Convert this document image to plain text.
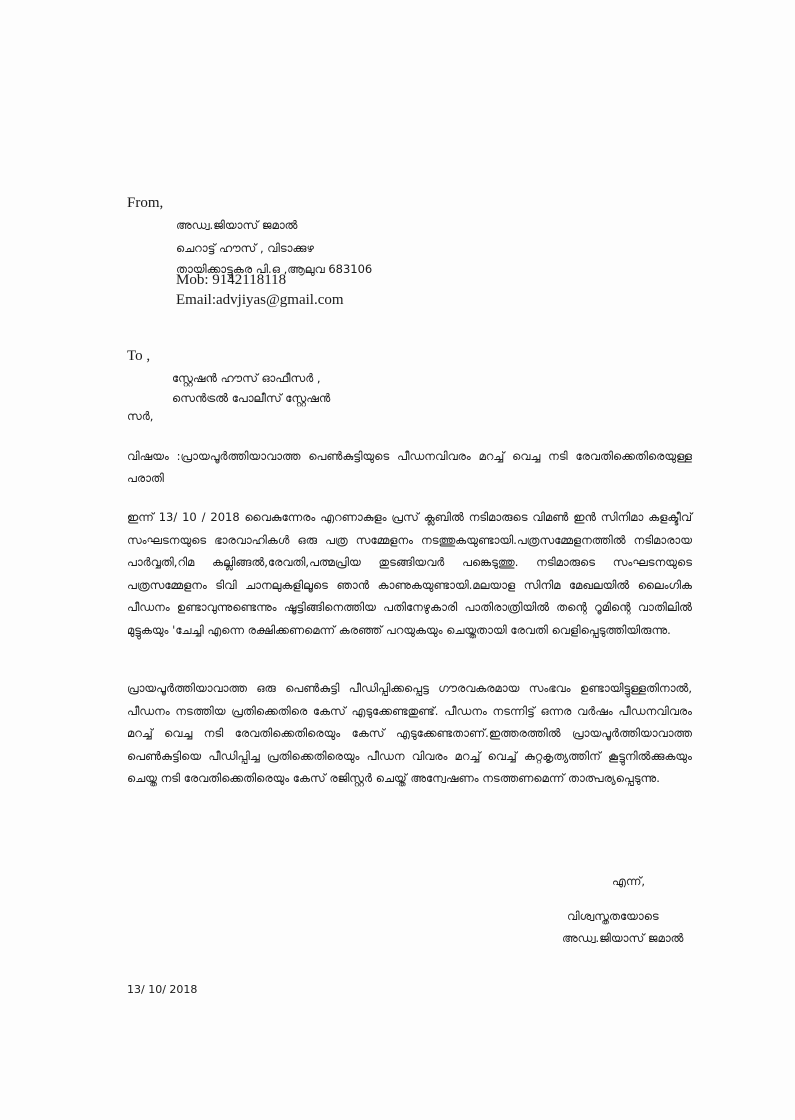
From,
അഡ്വ.ജിയാസ് ജമാൽ
ചെറാട്ട് ഹൗസ് , വിടാക്കുഴ
തായിക്കാട്ടുകര പി.ഒ ,ആലുവ 683106
Mob: 9142118118
Email:advjiyas@gmail.com
To ,
സ്റ്റേഷൻ ഹൗസ് ഓഫീസർ ,
സെൻട്രൽ പോലീസ് സ്റ്റേഷൻ
സർ,
വിഷയം :പ്രായപൂർത്തിയാവാത്ത പെൺകുട്ടിയുടെ പീഡനവിവരം മറച്ച് വെച്ച നടി രേവതിക്കെതിരെയുള്ള പരാതി
ഇന്ന് 13/ 10 / 2018 വൈകുന്നേരം എറണാകുളം പ്രസ് ക്ലബിൽ നടിമാരുടെ വിമൺ ഇൻ സിനിമാ കളക്ടീവ് സംഘടനയുടെ ഭാരവാഹികൾ ഒരു പത്ര സമ്മേളനം നടത്തുകയുണ്ടായി.പത്രസമ്മേളനത്തിൽ നടിമാരായ പാർവ്വതി,റിമ കല്ലിങ്ങൽ,രേവതി,പത്മപ്രിയ തുടങ്ങിയവർ പങ്കെടുത്തു. നടിമാരുടെ സംഘടനയുടെ പത്രസമ്മേളനം ടിവി ചാനലുകളിലൂടെ ഞാൻ കാണുകയുണ്ടായി.മലയാള സിനിമ മേഖലയിൽ ലൈംഗിക പീഡനം ഉണ്ടാവുന്നുണ്ടെന്നും ഷൂട്ടിങ്ങിനെത്തിയ പതിനേഴുകാരി പാതിരാത്രിയിൽ തന്റെ റൂമിന്റെ വാതിലിൽ മുട്ടുകയും 'ചേച്ചി എന്നെ രക്ഷിക്കണമെന്ന് കരഞ്ഞ് പറയുകയും ചെയ്തതായി രേവതി വെളിപ്പെടുത്തിയിരുന്നു.
പ്രായപൂർത്തിയാവാത്ത ഒരു പെൺകുട്ടി പീഡിപ്പിക്കപ്പെട്ട ഗൗരവകരമായ സംഭവം ഉണ്ടായിട്ടുള്ളതിനാൽ, പീഡനം നടത്തിയ പ്രതിക്കെതിരെ കേസ് എടുക്കേണ്ടതുണ്ട്. പീഡനം നടന്നിട്ട് ഒന്നര വർഷം പീഡനവിവരം മറച്ച് വെച്ച നടി രേവതിക്കെതിരെയും കേസ് എടുക്കേണ്ടതാണ്.ഇത്തരത്തിൽ പ്രായപൂർത്തിയാവാത്ത പെൺകുട്ടിയെ പീഡിപ്പിച്ച പ്രതിക്കെതിരെയും പീഡന വിവരം മറച്ച് വെച്ച് കുറ്റകൃത്യത്തിന് കൂട്ടുനിൽക്കുകയും ചെയ്ത നടി രേവതിക്കെതിരെയും കേസ് രജിസ്റ്റർ ചെയ്ത് അന്വേഷണം നടത്തണമെന്ന് താത്പര്യപ്പെടുന്നു.
എന്ന്,
വിശ്വസ്തതയോടെ
അഡ്വ.ജിയാസ് ജമാൽ
13/ 10/ 2018
